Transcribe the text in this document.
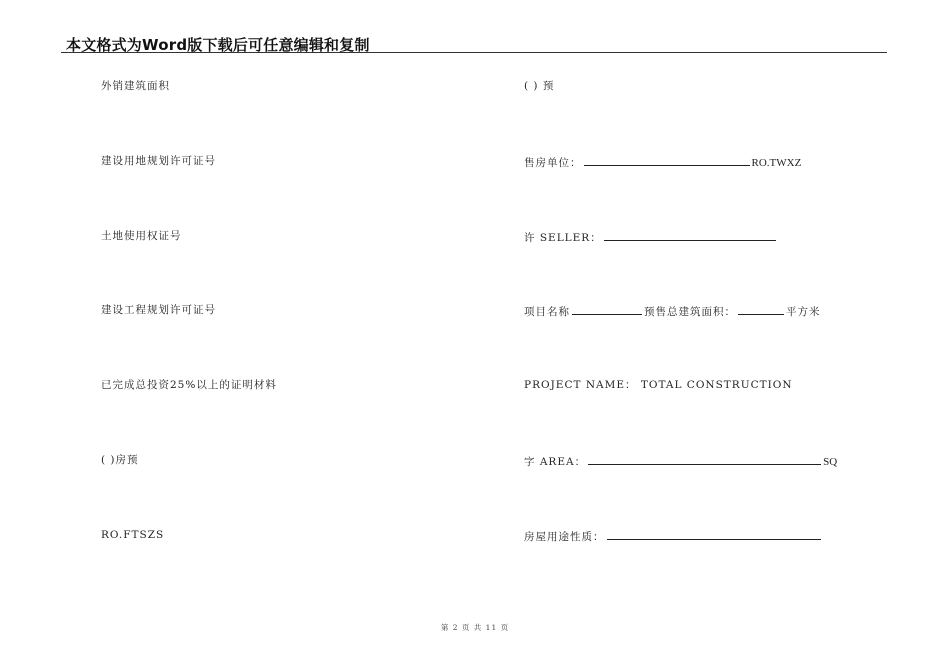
本文格式为Word版下载后可任意编辑和复制
外销建筑面积
建设用地规划许可证号
土地使用权证号
建设工程规划许可证号
已完成总投资25%以上的证明材料
( )房预
RO.FTSZS
( ) 预
售房单位：	RO.TWXZ
许 SELLER：
项目名称	预售总建筑面积：	平方米
PROJECT NAME： TOTAL CONSTRUCTION
字 AREA：	SQ
房屋用途性质：
第 2 页 共 11 页
